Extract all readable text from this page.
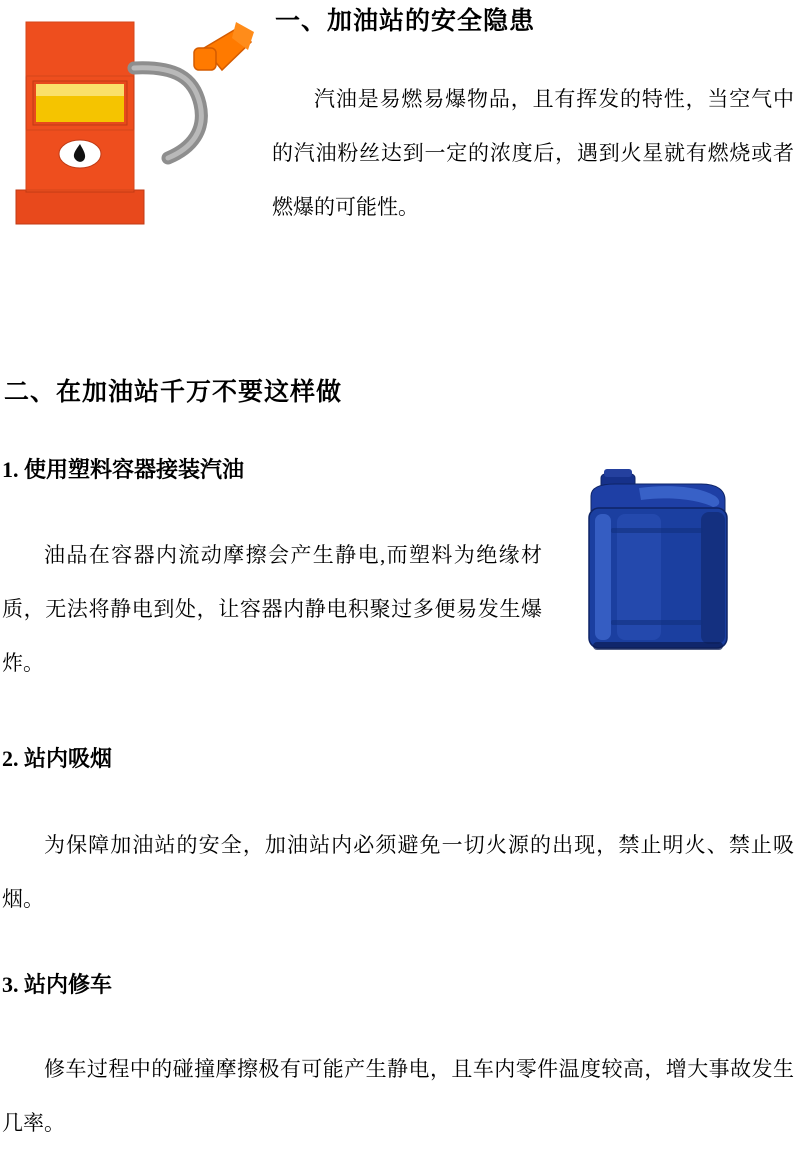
一、加油站的安全隐患
汽油是易燃易爆物品，且有挥发的特性，当空气中的汽油粉丝达到一定的浓度后，遇到火星就有燃烧或者燃爆的可能性。
二、在加油站千万不要这样做
1. 使用塑料容器接装汽油
油品在容器内流动摩擦会产生静电,而塑料为绝缘材质，无法将静电到处，让容器内静电积聚过多便易发生爆炸。
2. 站内吸烟
为保障加油站的安全，加油站内必须避免一切火源的出现，禁止明火、禁止吸烟。
3. 站内修车
修车过程中的碰撞摩擦极有可能产生静电，且车内零件温度较高，增大事故发生几率。
